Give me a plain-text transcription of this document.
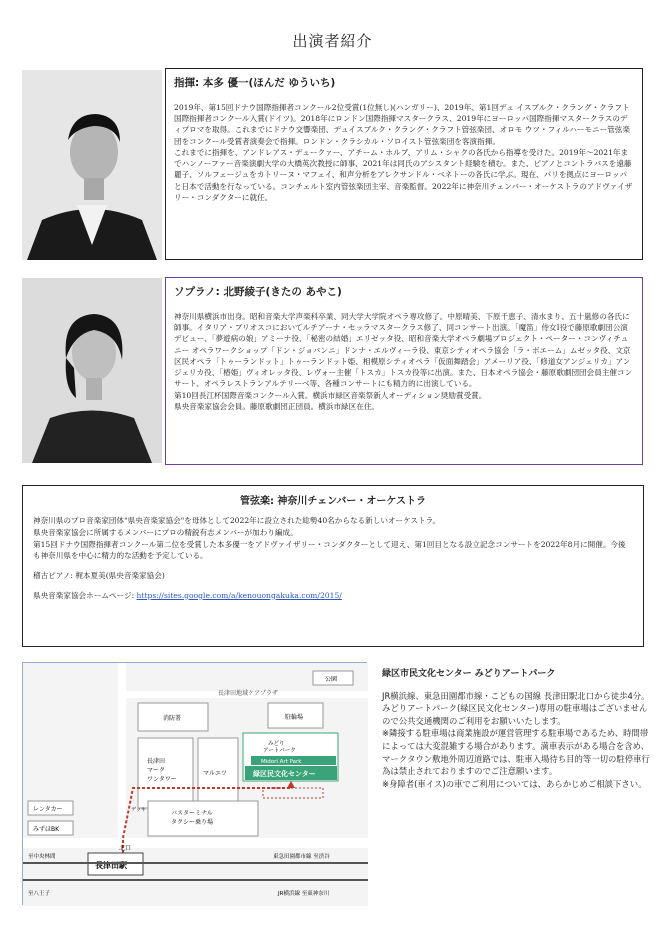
出演者紹介
指揮: 本多 優一(ほんだ ゆういち)
2019年、第15回ドナウ国際指揮者コンクール2位受賞(1位無し)(ハンガリー)、2019年、第1回デュ イスブルク・クラング・クラフト国際指揮者コンクール入賞(ドイツ)。2018年にロンドン国際指揮マスタークラス、2019年にヨーロッパ国際指揮マスタークラスのディプロマを取得。これまでにドナウ交響楽団、デュイスブルク・クラング・クラフト管弦楽団、オロモ ウツ・フィルハーモニー管弦楽団をコンクール受賞者演奏会で指揮。ロンドン・クラシカル・ソロイスト管弦楽団を客演指揮。
これまでに指揮を、アンドレアス・デュークァー、アチーム・ホルブ、アリム・シャクの各氏から指導を受けた。2019年〜2021年までハンノーファー音楽演劇大学の大橋英次教授に師事、2021年は同氏のアシスタント経験を積む。また、ピアノとコントラバスを遠藤麗子、ソルフェージュをカトリーヌ・マフェイ、和声分析をアレクサンドル・ベネトーの各氏に学ぶ。現在、パリを拠点にヨーロッパと日本で活動を行なっている。コンチェルト室内管弦楽団主宰、音楽監督。2022年に神奈川チェンバー・オーケストラのアドヴァイザリー・コンダクターに就任。
ソプラノ: 北野綾子(きたの あやこ)
神奈川県横浜市出身。昭和音楽大学声楽科卒業、同大学大学院オペラ専攻修了。中原晴美、下原千恵子、清水まり、五十嵐修の各氏に師事。イタリア・ブリオスコにおいてルチアーナ・セッラマスタークラス修了、同コンサート出演。「魔笛」侍女Ⅰ役で藤原歌劇団公演デビュー、「夢遊病の娘」アミーナ役、「秘密の結婚」エリゼッタ役、昭和音楽大学オペラ劇場プロジェクト・ペーター・コンヴィチュニー オペラワークショップ「ドン・ジョバンニ」ドンナ・エルヴィーラ役、東京シティオペラ協会「ラ・ボエーム」ムゼッタ役、文京区民オペラ「トゥーランドット」トゥーランドット姫、相模原シティオペラ「仮面舞踏会」アメーリア役、「修道女アンジェリカ」アンジェリカ役、「椿姫」ヴィオレッタ役、レヴォー主催「トスカ」トスカ役等に出演。また、日本オペラ協会・藤原歌劇団団会員主催コンサート、オペラレストランアルテリーベ等、各種コンサートにも精力的に出演している。
第10回長江杯国際音楽コンクール入賞。横浜市緑区音楽祭新人オーディション奨励賞受賞。
県央音楽家協会会員。藤原歌劇団正団員。横浜市緑区在住。
管弦楽: 神奈川チェンバー・オーケストラ

神奈川県のプロ音楽家団体"県央音楽家協会"を母体として2022年に設立された総勢40名からなる新しいオーケストラ。

県央音楽家協会に所属するメンバーにプロの精鋭有志メンバーが加わり編成。

第15回ドナウ国際指揮者コンクール第二位を受賞した本多優一をアドヴァイザリー・コンダクターとして迎え、第1回目となる設立記念コンサートを2022年8月に開催。今後も神奈川県を中心に精力的な活動を予定している。

稽古ピアノ: 梶本夏美(県央音楽家協会)

県央音楽家協会ホームページ: https://sites.google.com/a/kenouongakuka.com/2015/

公園
長津田地域ケアプラザ
消防署	駐輪場
長津田マークワンタワー
マルエツ
みどりアートパーク
Midori Art Park
緑区民文化センター
レンタカー
みずほBK
バスターミナルタクシー乗り場
デッキ
北口
長津田駅
至中央林間
至八王子
東急田園都市線 至渋谷
JR横浜線 至東神奈川
緑区市民文化センター みどりアートパーク

JR横浜線、東急田園都市線・こどもの国線 長津田駅北口から徒歩4分。
みどりアートパーク(緑区民文化センター)専用の駐車場はございませんので公共交通機関のご利用をお願いいたします。
※隣接する駐車場は商業施設が運営管理する駐車場であるため、時間帯によっては大変混雑する場合があります。満車表示がある場合を含め、マークタウン敷地外周辺道路では、駐車入場待ち目的等一切の駐停車行為は禁止されておりますのでご注意願います。
※身障者(車イス)の車でご利用については、あらかじめご相談下さい。
